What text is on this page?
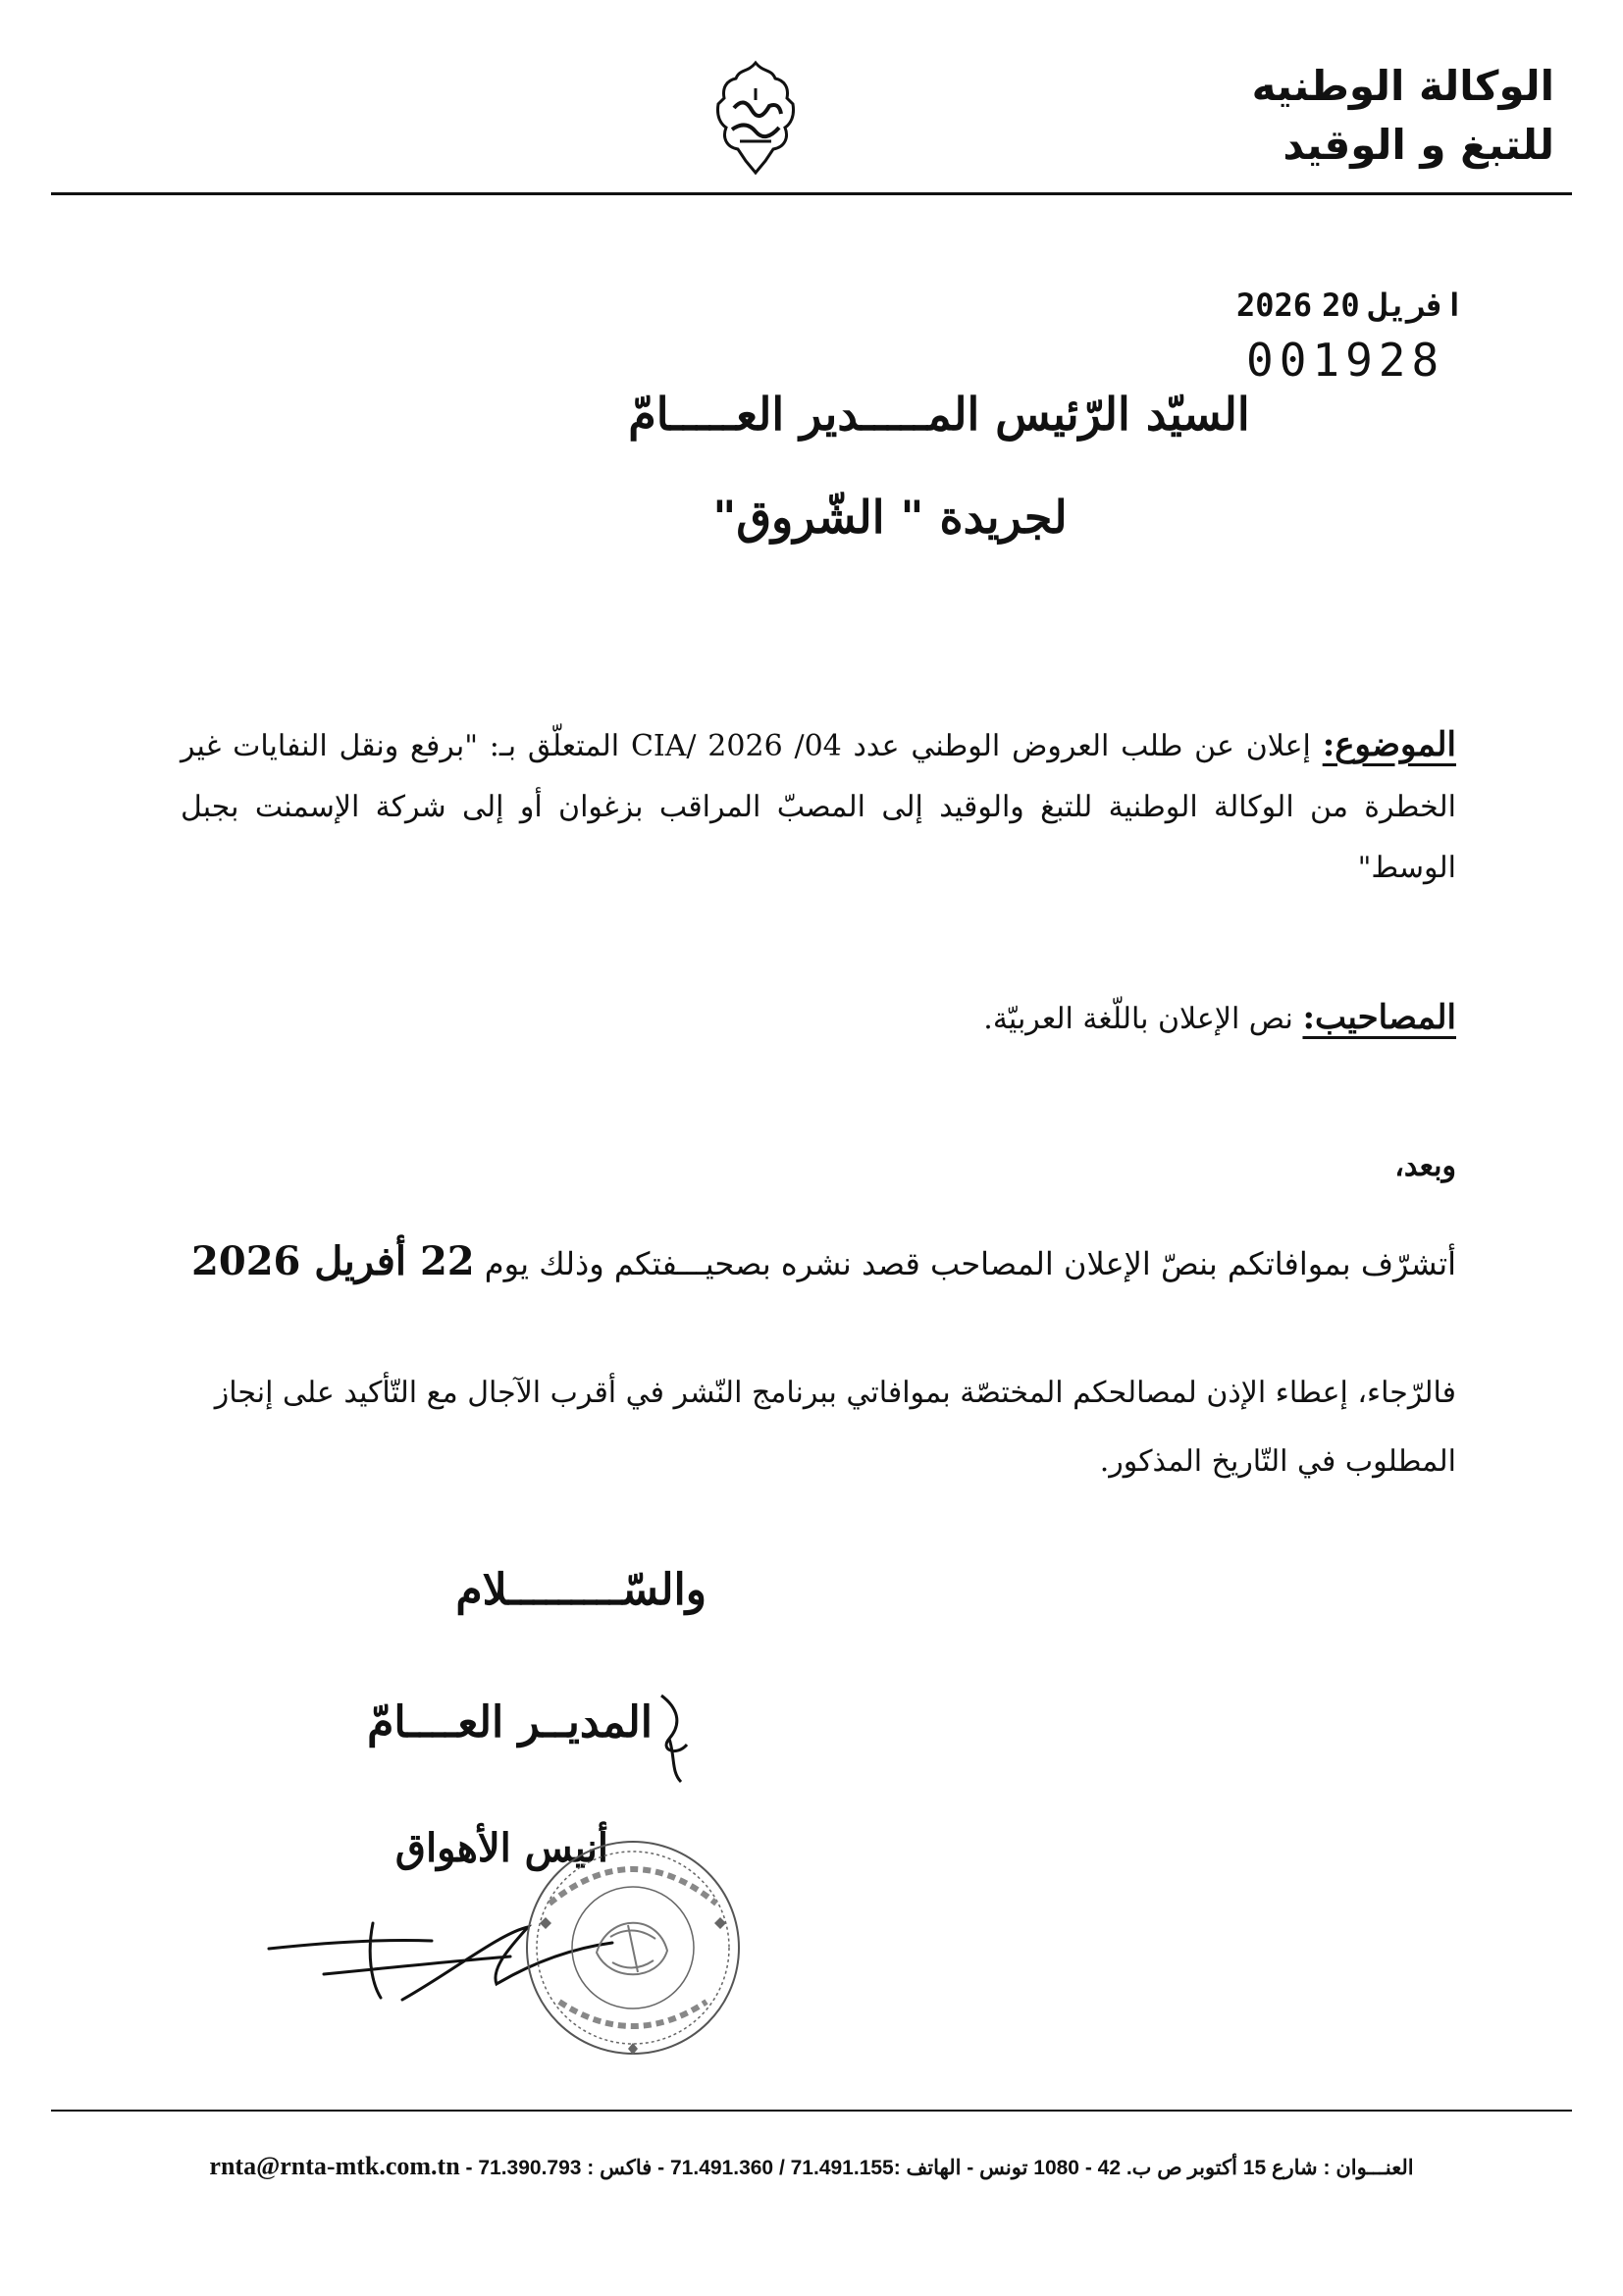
الوكالة الوطنيه
للتبغ و الوقيد
2026 افريل20
001928
السيّد الرّئيس المـــــدير العـــــامّ
لجريدة " الشّروق"
الموضوع: إعلان عن طلب العروض الوطني عدد 04/ CIA/ 2026 المتعلّق بـ: "برفع ونقل النفايات غير الخطرة من الوكالة الوطنية للتبغ والوقيد إلى المصبّ المراقب بزغوان أو إلى شركة الإسمنت بجبل الوسط"
المصاحيب: نص الإعلان باللّغة العربيّة.
وبعد،
أتشرّف بموافاتكم بنصّ الإعلان المصاحب قصد نشره بصحيـــفتكم وذلك يوم 22 أفريل 2026
فالرّجاء، إعطاء الإذن لمصالحكم المختصّة بموافاتي ببرنامج النّشر في أقرب الآجال مع التّأكيد على إنجاز المطلوب في التّاريخ المذكور.
والسّـــــــــلام
المديــر العــــامّ
أنيس الأهواق
rnta@rnta-mtk.com.tn العنـــوان : شارع 15 أكتوبر ص ب. 42 - 1080 تونس - الهاتف :71.491.155 / 71.491.360 - فاكس : 71.390.793 -
